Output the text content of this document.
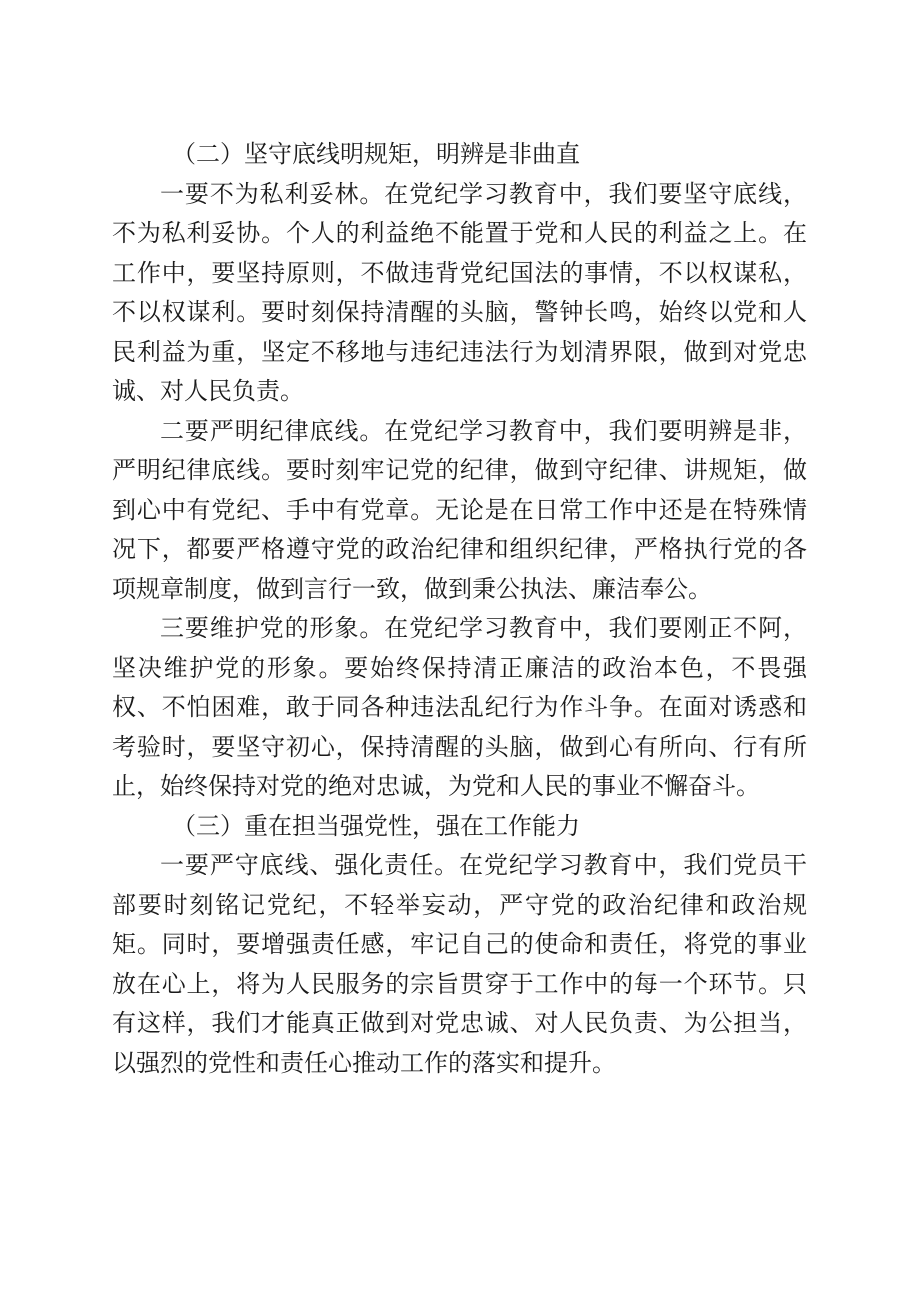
（二）坚守底线明规矩，明辨是非曲直

一要不为私利妥林。在党纪学习教育中，我们要坚守底线，不为私利妥协。个人的利益绝不能置于党和人民的利益之上。在工作中，要坚持原则，不做违背党纪国法的事情，不以权谋私，不以权谋利。要时刻保持清醒的头脑，警钟长鸣，始终以党和人民利益为重，坚定不移地与违纪违法行为划清界限，做到对党忠诚、对人民负责。

二要严明纪律底线。在党纪学习教育中，我们要明辨是非，严明纪律底线。要时刻牢记党的纪律，做到守纪律、讲规矩，做到心中有党纪、手中有党章。无论是在日常工作中还是在特殊情况下，都要严格遵守党的政治纪律和组织纪律，严格执行党的各项规章制度，做到言行一致，做到秉公执法、廉洁奉公。

三要维护党的形象。在党纪学习教育中，我们要刚正不阿，坚决维护党的形象。要始终保持清正廉洁的政治本色，不畏强权、不怕困难，敢于同各种违法乱纪行为作斗争。在面对诱惑和考验时，要坚守初心，保持清醒的头脑，做到心有所向、行有所止，始终保持对党的绝对忠诚，为党和人民的事业不懈奋斗。

（三）重在担当强党性，强在工作能力

一要严守底线、强化责任。在党纪学习教育中，我们党员干部要时刻铭记党纪，不轻举妄动，严守党的政治纪律和政治规矩。同时，要增强责任感，牢记自己的使命和责任，将党的事业放在心上，将为人民服务的宗旨贯穿于工作中的每一个环节。只有这样，我们才能真正做到对党忠诚、对人民负责、为公担当，以强烈的党性和责任心推动工作的落实和提升。
